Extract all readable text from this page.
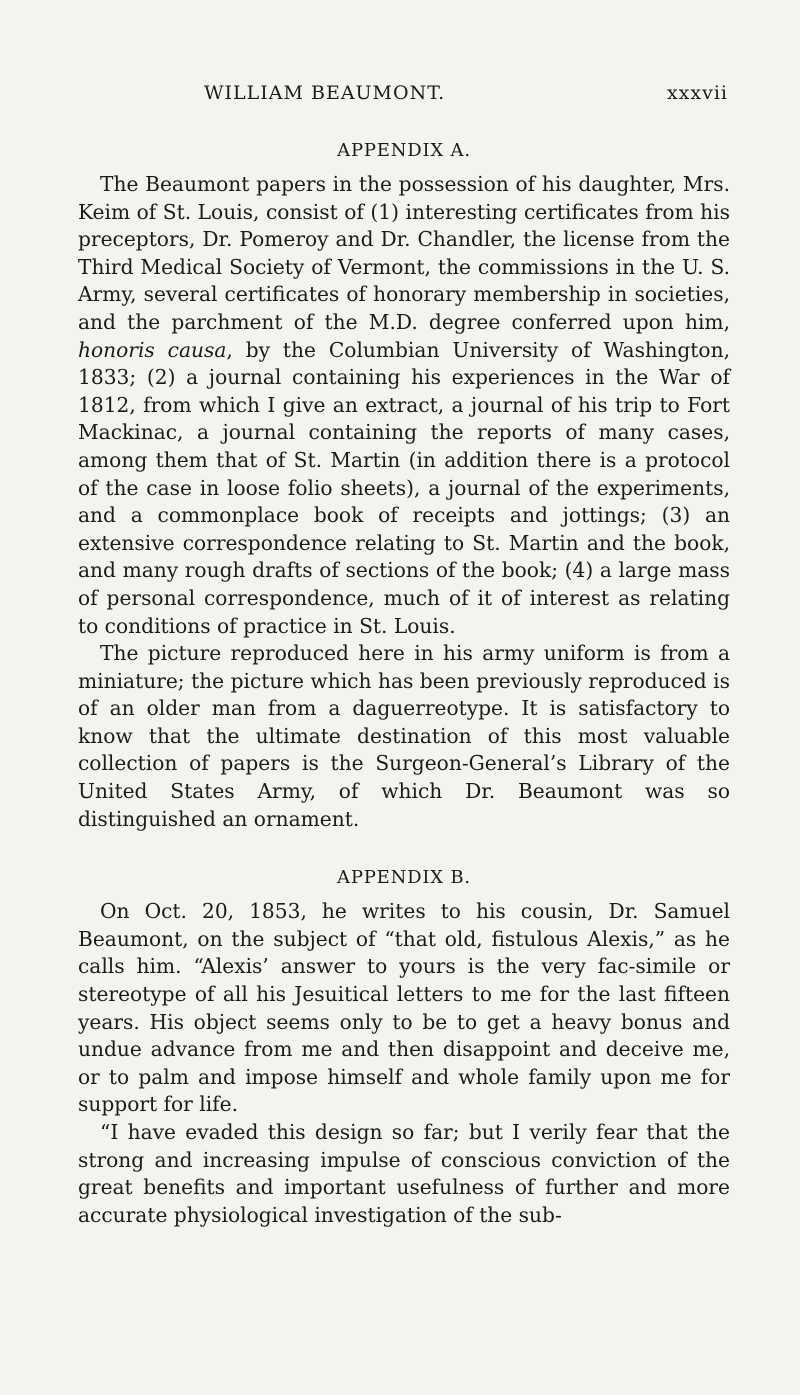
WILLIAM BEAUMONT.	xxxvii
APPENDIX A.

The Beaumont papers in the possession of his daughter, Mrs. Keim of St. Louis, consist of (1) interesting certificates from his preceptors, Dr. Pomeroy and Dr. Chandler, the license from the Third Medical Society of Vermont, the commissions in the U. S. Army, several certificates of honorary membership in societies, and the parchment of the M.D. degree conferred upon him, honoris causa, by the Columbian University of Washington, 1833; (2) a journal containing his experiences in the War of 1812, from which I give an extract, a journal of his trip to Fort Mackinac, a journal containing the reports of many cases, among them that of St. Martin (in addition there is a protocol of the case in loose folio sheets), a journal of the experiments, and a commonplace book of receipts and jottings; (3) an extensive correspondence relating to St. Martin and the book, and many rough drafts of sections of the book; (4) a large mass of personal correspondence, much of it of interest as relating to conditions of practice in St. Louis.

The picture reproduced here in his army uniform is from a miniature; the picture which has been previously reproduced is of an older man from a daguerreotype. It is satisfactory to know that the ultimate destination of this most valuable collection of papers is the Surgeon-General’s Library of the United States Army, of which Dr. Beaumont was so distinguished an ornament.

APPENDIX B.

On Oct. 20, 1853, he writes to his cousin, Dr. Samuel Beaumont, on the subject of “that old, fistulous Alexis,” as he calls him. “Alexis’ answer to yours is the very fac-simile or stereotype of all his Jesuitical letters to me for the last fifteen years. His object seems only to be to get a heavy bonus and undue advance from me and then disappoint and deceive me, or to palm and impose himself and whole family upon me for support for life.

“I have evaded this design so far; but I verily fear that the strong and increasing impulse of conscious conviction of the great benefits and important usefulness of further and more accurate physiological investigation of the sub-
